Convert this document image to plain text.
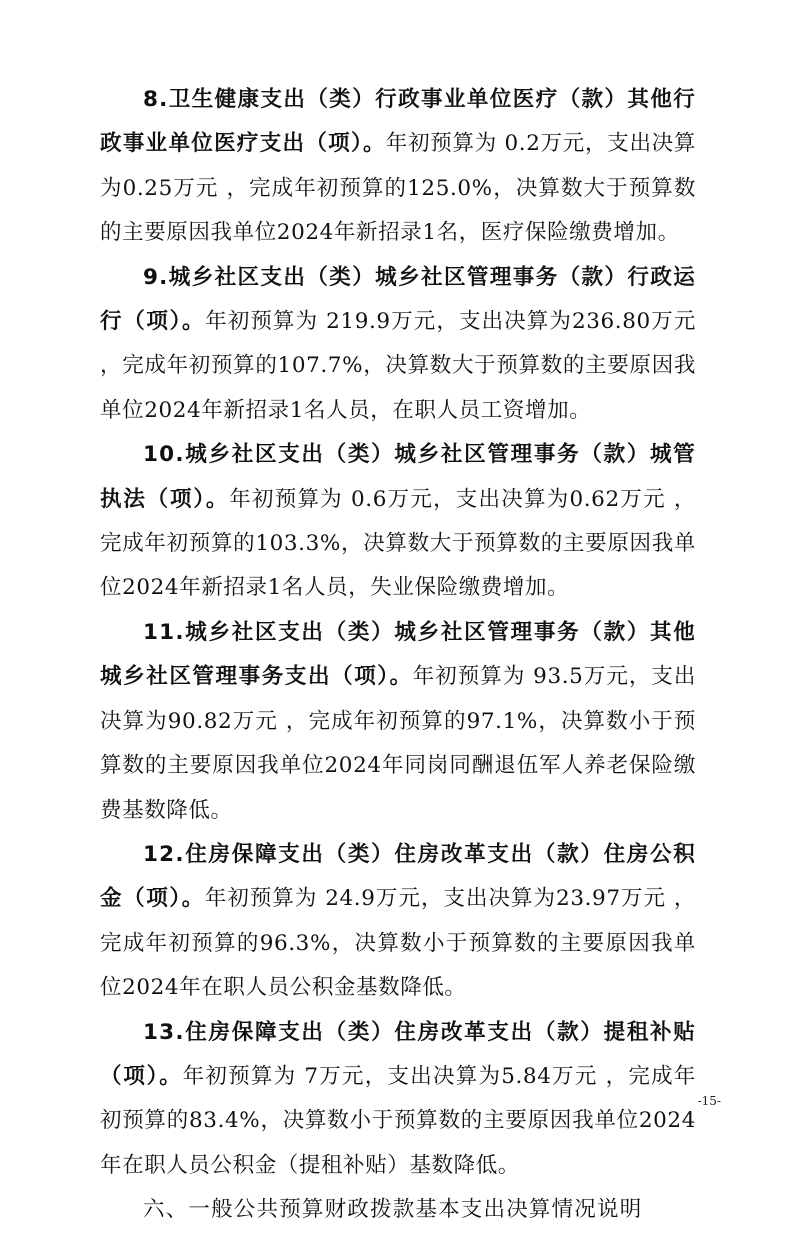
8.卫生健康支出（类）行政事业单位医疗（款）其他行政事业单位医疗支出（项）。年初预算为 0.2万元，支出决算为0.25万元 ，完成年初预算的125.0%，决算数大于预算数的主要原因我单位2024年新招录1名，医疗保险缴费增加。

9.城乡社区支出（类）城乡社区管理事务（款）行政运行（项）。年初预算为 219.9万元，支出决算为236.80万元 ，完成年初预算的107.7%，决算数大于预算数的主要原因我单位2024年新招录1名人员，在职人员工资增加。

10.城乡社区支出（类）城乡社区管理事务（款）城管执法（项）。年初预算为 0.6万元，支出决算为0.62万元 ，完成年初预算的103.3%，决算数大于预算数的主要原因我单位2024年新招录1名人员，失业保险缴费增加。

11.城乡社区支出（类）城乡社区管理事务（款）其他城乡社区管理事务支出（项）。年初预算为 93.5万元，支出决算为90.82万元 ，完成年初预算的97.1%，决算数小于预算数的主要原因我单位2024年同岗同酬退伍军人养老保险缴费基数降低。

12.住房保障支出（类）住房改革支出（款）住房公积金（项）。年初预算为 24.9万元，支出决算为23.97万元 ，完成年初预算的96.3%，决算数小于预算数的主要原因我单位2024年在职人员公积金基数降低。

13.住房保障支出（类）住房改革支出（款）提租补贴（项）。年初预算为 7万元，支出决算为5.84万元 ，完成年初预算的83.4%，决算数小于预算数的主要原因我单位2024年在职人员公积金（提租补贴）基数降低。

六、一般公共预算财政拨款基本支出决算情况说明

-15-
